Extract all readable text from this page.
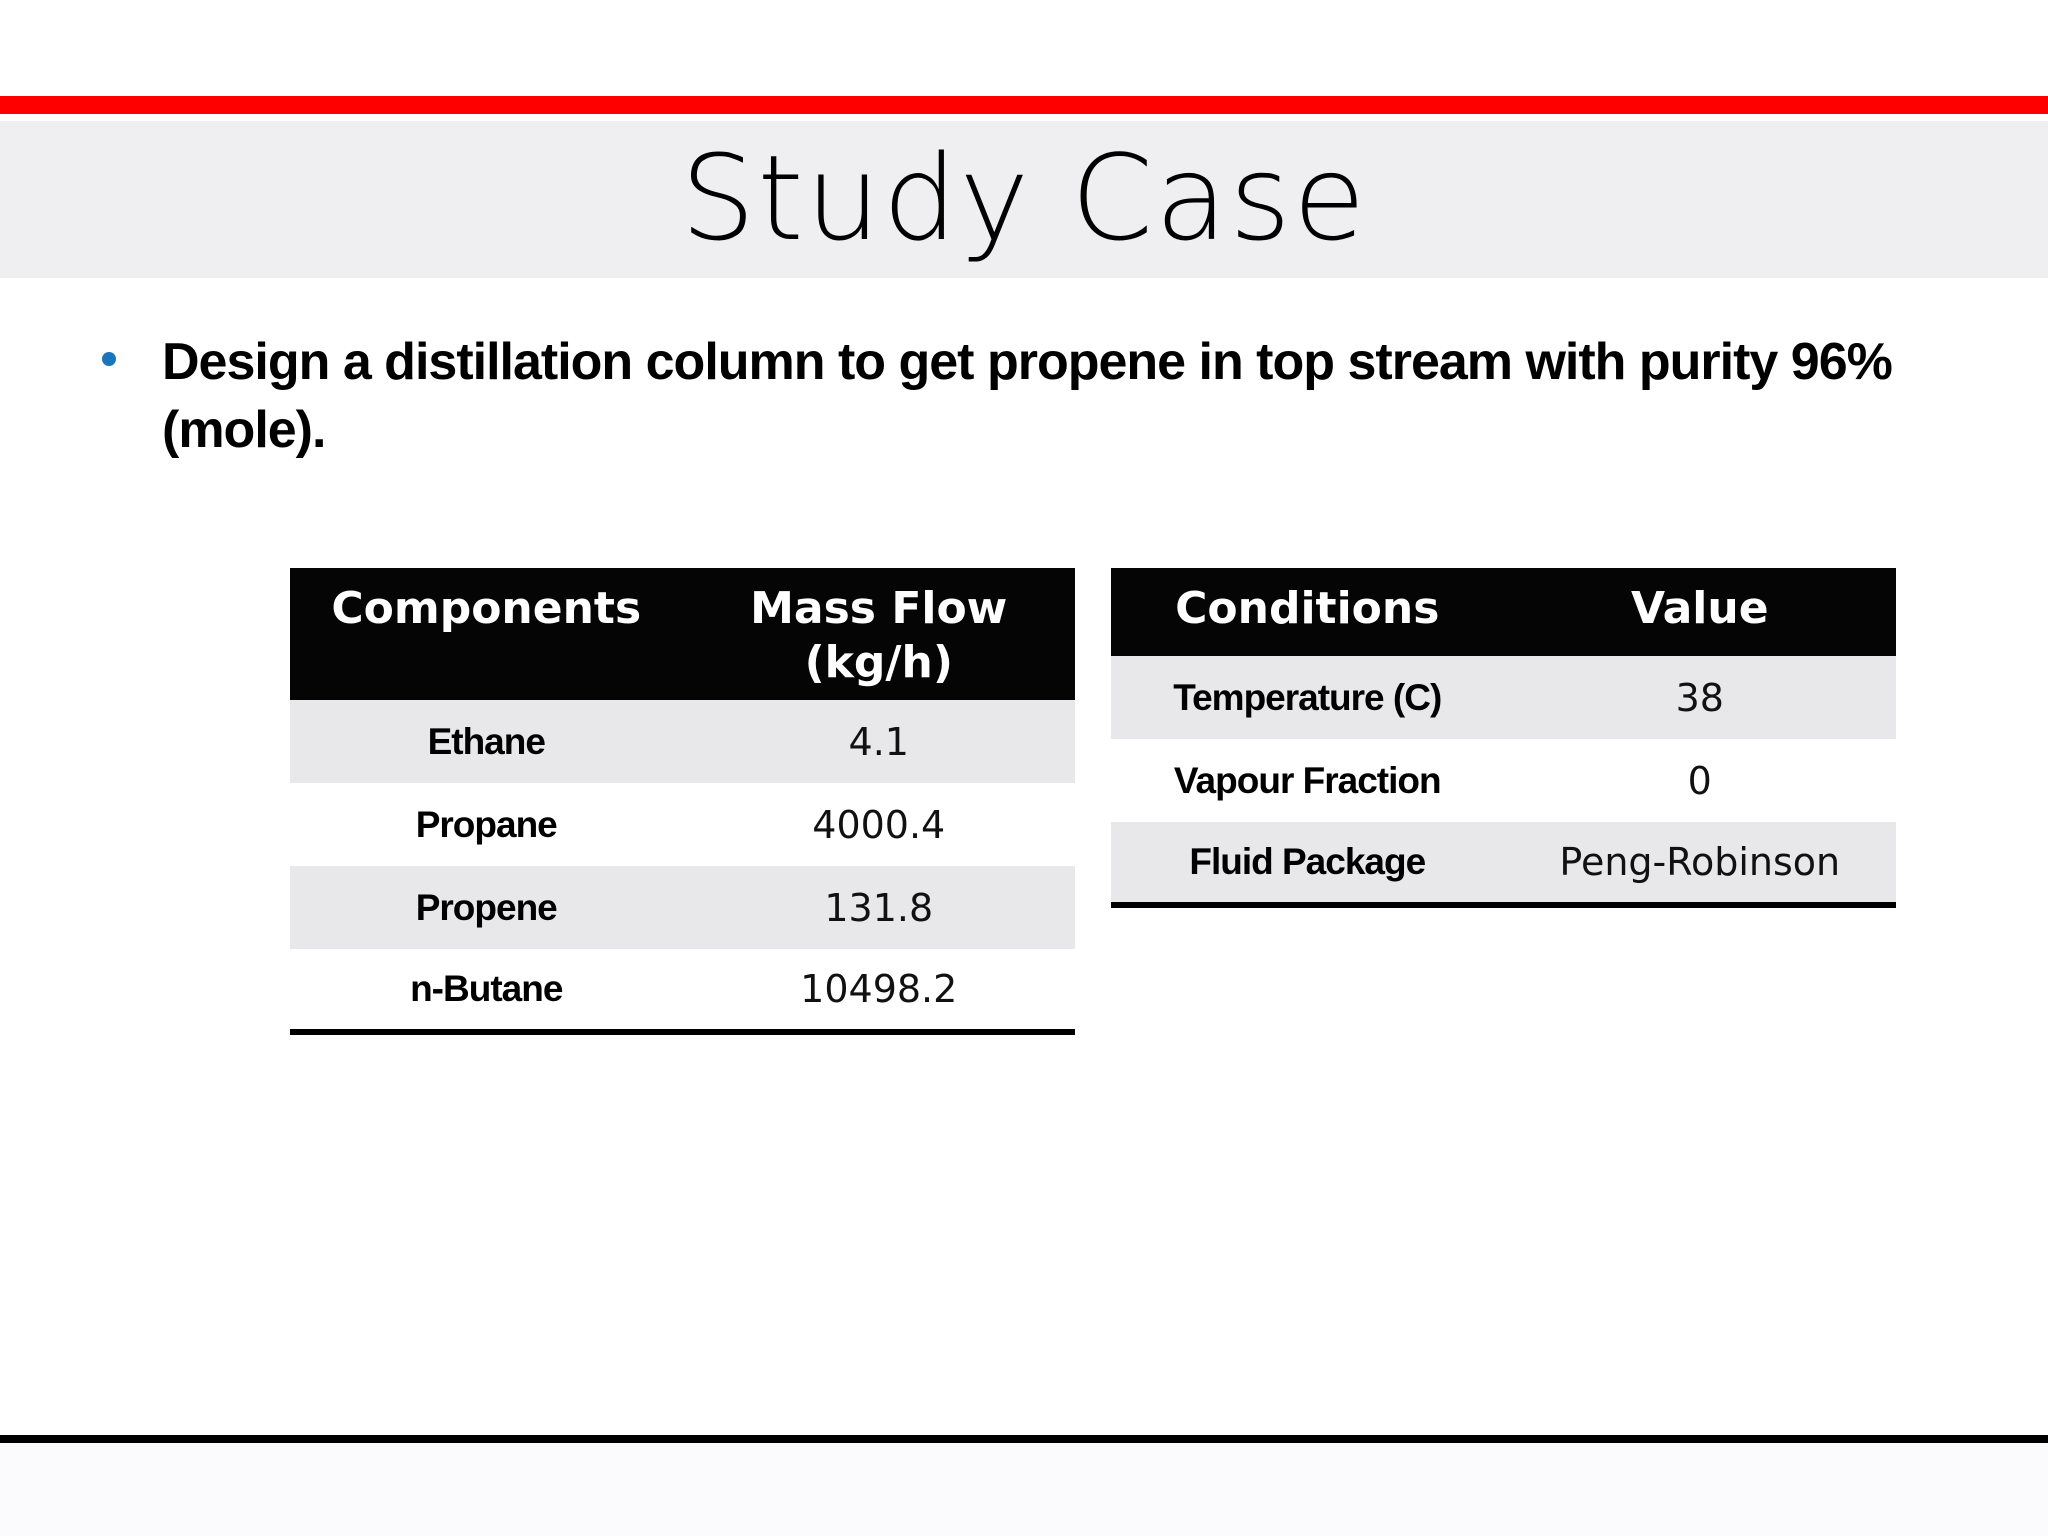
Study Case
Design a distillation column to get propene in top stream with purity 96% (mole).
Components	Mass Flow (kg/h)
Ethane	4.1
Propane	4000.4
Propene	131.8
n-Butane	10498.2
Conditions	Value
Temperature (C)	38
Vapour Fraction	0
Fluid Package	Peng-Robinson
